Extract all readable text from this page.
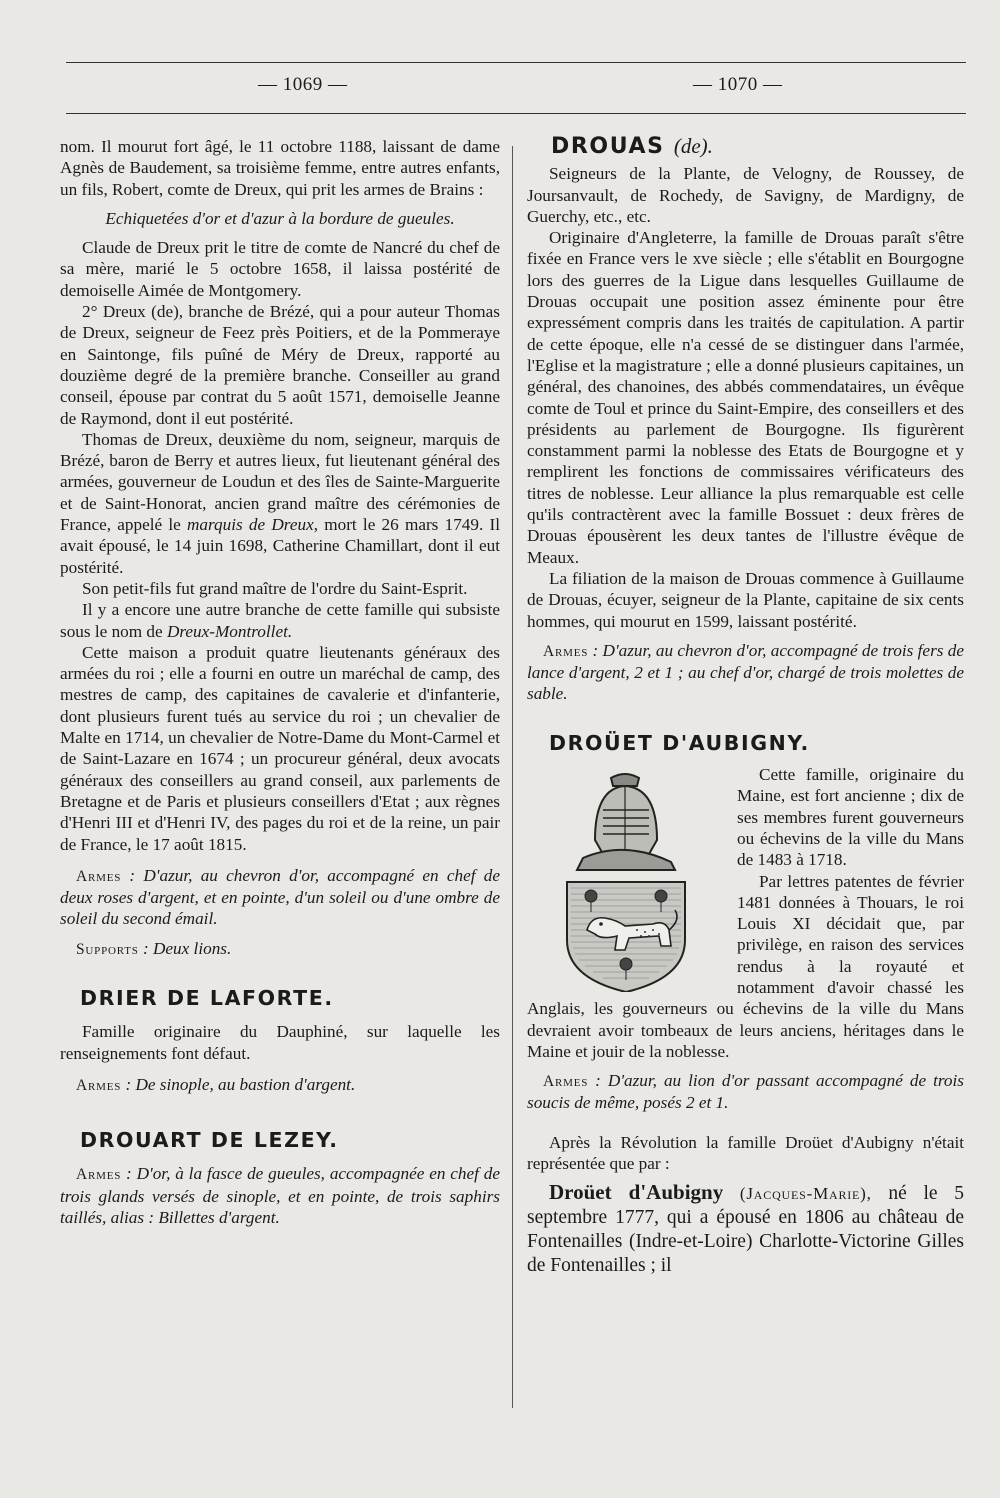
— 1069 —	— 1070 —

nom. Il mourut fort âgé, le 11 octobre 1188, laissant de dame Agnès de Baudement, sa troisième femme, entre autres enfants, un fils, Robert, comte de Dreux, qui prit les armes de Brains :

Echiquetées d'or et d'azur à la bordure de gueules.

Claude de Dreux prit le titre de comte de Nancré du chef de sa mère, marié le 5 octobre 1658, il laissa postérité de demoiselle Aimée de Montgomery.

2° Dreux (de), branche de Brézé, qui a pour auteur Thomas de Dreux, seigneur de Feez près Poitiers, et de la Pommeraye en Saintonge, fils puîné de Méry de Dreux, rapporté au douzième degré de la première branche. Conseiller au grand conseil, épouse par contrat du 5 août 1571, demoiselle Jeanne de Raymond, dont il eut postérité.

Thomas de Dreux, deuxième du nom, seigneur, marquis de Brézé, baron de Berry et autres lieux, fut lieutenant général des armées, gouverneur de Loudun et des îles de Sainte-Marguerite et de Saint-Honorat, ancien grand maître des cérémonies de France, appelé le marquis de Dreux, mort le 26 mars 1749. Il avait épousé, le 14 juin 1698, Catherine Chamillart, dont il eut postérité.

Son petit-fils fut grand maître de l'ordre du Saint-Esprit.

Il y a encore une autre branche de cette famille qui subsiste sous le nom de Dreux-Montrollet.

Cette maison a produit quatre lieutenants généraux des armées du roi ; elle a fourni en outre un maréchal de camp, des mestres de camp, des capitaines de cavalerie et d'infanterie, dont plusieurs furent tués au service du roi ; un chevalier de Malte en 1714, un chevalier de Notre-Dame du Mont-Carmel et de Saint-Lazare en 1674 ; un procureur général, deux avocats généraux des conseillers au grand conseil, aux parlements de Bretagne et de Paris et plusieurs conseillers d'Etat ; aux règnes d'Henri III et d'Henri IV, des pages du roi et de la reine, un pair de France, le 17 août 1815.

Armes : D'azur, au chevron d'or, accompagné en chef de deux roses d'argent, et en pointe, d'un soleil ou d'une ombre de soleil du second émail.

Supports : Deux lions.

DRIER DE LAFORTE.

Famille originaire du Dauphiné, sur laquelle les renseignements font défaut.

Armes : De sinople, au bastion d'argent.

DROUART DE LEZEY.

Armes : D'or, à la fasce de gueules, accompagnée en chef de trois glands versés de sinople, et en pointe, de trois saphirs taillés, alias : Billettes d'argent.

DROUAS (de).

Seigneurs de la Plante, de Velogny, de Roussey, de Joursanvault, de Rochedy, de Savigny, de Mardigny, de Guerchy, etc., etc.

Originaire d'Angleterre, la famille de Drouas paraît s'être fixée en France vers le xve siècle ; elle s'établit en Bourgogne lors des guerres de la Ligue dans lesquelles Guillaume de Drouas occupait une position assez éminente pour être expressément compris dans les traités de capitulation. A partir de cette époque, elle n'a cessé de se distinguer dans l'armée, l'Eglise et la magistrature ; elle a donné plusieurs capitaines, un général, des chanoines, des abbés commendataires, un évêque comte de Toul et prince du Saint-Empire, des conseillers et des présidents au parlement de Bourgogne. Ils figurèrent constamment parmi la noblesse des Etats de Bourgogne et y remplirent les fonctions de commissaires vérificateurs des titres de noblesse. Leur alliance la plus remarquable est celle qu'ils contractèrent avec la famille Bossuet : deux frères de Drouas épousèrent les deux tantes de l'illustre évêque de Meaux.

La filiation de la maison de Drouas commence à Guillaume de Drouas, écuyer, seigneur de la Plante, capitaine de six cents hommes, qui mourut en 1599, laissant postérité.

Armes : D'azur, au chevron d'or, accompagné de trois fers de lance d'argent, 2 et 1 ; au chef d'or, chargé de trois molettes de sable.

DROÜET D'AUBIGNY.

Cette famille, originaire du Maine, est fort ancienne ; dix de ses membres furent gouverneurs ou échevins de la ville du Mans de 1483 à 1718.

Par lettres patentes de février 1481 données à Thouars, le roi Louis XI décidait que, par privilège, en raison des services rendus à la royauté et notamment d'avoir chassé les Anglais, les gouverneurs ou échevins de la ville du Mans devraient avoir tombeaux de leurs anciens, héritages dans le Maine et jouir de la noblesse.

Armes : D'azur, au lion d'or passant accompagné de trois soucis de même, posés 2 et 1.

Après la Révolution la famille Droüet d'Aubigny n'était représentée que par :

Droüet d'Aubigny (Jacques-Marie), né le 5 septembre 1777, qui a épousé en 1806 au château de Fontenailles (Indre-et-Loire) Charlotte-Victorine Gilles de Fontenailles ; il
